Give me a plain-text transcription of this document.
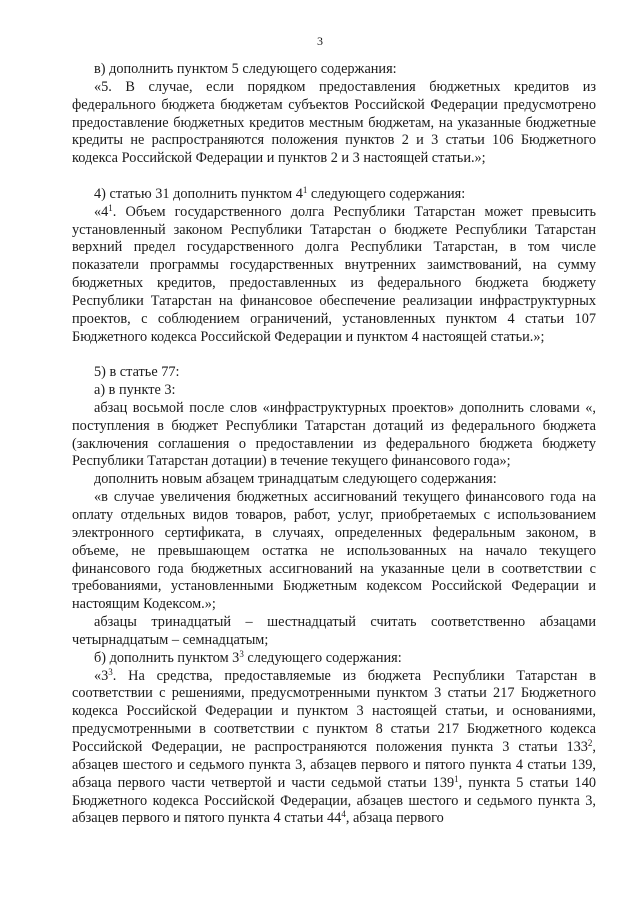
3

в) дополнить пунктом 5 следующего содержания:

«5. В случае, если порядком предоставления бюджетных кредитов из федерального бюджета бюджетам субъектов Российской Федерации предусмотрено предоставление бюджетных кредитов местным бюджетам, на указанные бюджетные кредиты не распространяются положения пунктов 2 и 3 статьи 106 Бюджетного кодекса Российской Федерации и пунктов 2 и 3 настоящей статьи.»;

4) статью 31 дополнить пунктом $4^1$ следующего содержания:

«$4^1$. Объем государственного долга Республики Татарстан может превысить установленный законом Республики Татарстан о бюджете Республики Татарстан верхний предел государственного долга Республики Татарстан, в том числе показатели программы государственных внутренних заимствований, на сумму бюджетных кредитов, предоставленных из федерального бюджета бюджету Республики Татарстан на финансовое обеспечение реализации инфраструктурных проектов, с соблюдением ограничений, установленных пунктом 4 статьи 107 Бюджетного кодекса Российской Федерации и пунктом 4 настоящей статьи.»;

5) в статье 77:

а) в пункте 3:

абзац восьмой после слов «инфраструктурных проектов» дополнить словами «, поступления в бюджет Республики Татарстан дотаций из федерального бюджета (заключения соглашения о предоставлении из федерального бюджета бюджету Республики Татарстан дотации) в течение текущего финансового года»;

дополнить новым абзацем тринадцатым следующего содержания:

«в случае увеличения бюджетных ассигнований текущего финансового года на оплату отдельных видов товаров, работ, услуг, приобретаемых с использованием электронного сертификата, в случаях, определенных федеральным законом, в объеме, не превышающем остатка не использованных на начало текущего финансового года бюджетных ассигнований на указанные цели в соответствии с требованиями, установленными Бюджетным кодексом Российской Федерации и настоящим Кодексом.»;

абзацы тринадцатый – шестнадцатый считать соответственно абзацами четырнадцатым – семнадцатым;

б) дополнить пунктом $3^3$ следующего содержания:

«$3^3$. На средства, предоставляемые из бюджета Республики Татарстан в соответствии с решениями, предусмотренными пунктом 3 статьи 217 Бюджетного кодекса Российской Федерации и пунктом 3 настоящей статьи, и основаниями, предусмотренными в соответствии с пунктом 8 статьи 217 Бюджетного кодекса Российской Федерации, не распространяются положения пункта 3 статьи $133^2$, абзацев шестого и седьмого пункта 3, абзацев первого и пятого пункта 4 статьи 139, абзаца первого части четвертой и части седьмой статьи $139^1$, пункта 5 статьи 140 Бюджетного кодекса Российской Федерации, абзацев шестого и седьмого пункта 3, абзацев первого и пятого пункта 4 статьи $44^4$, абзаца первого
